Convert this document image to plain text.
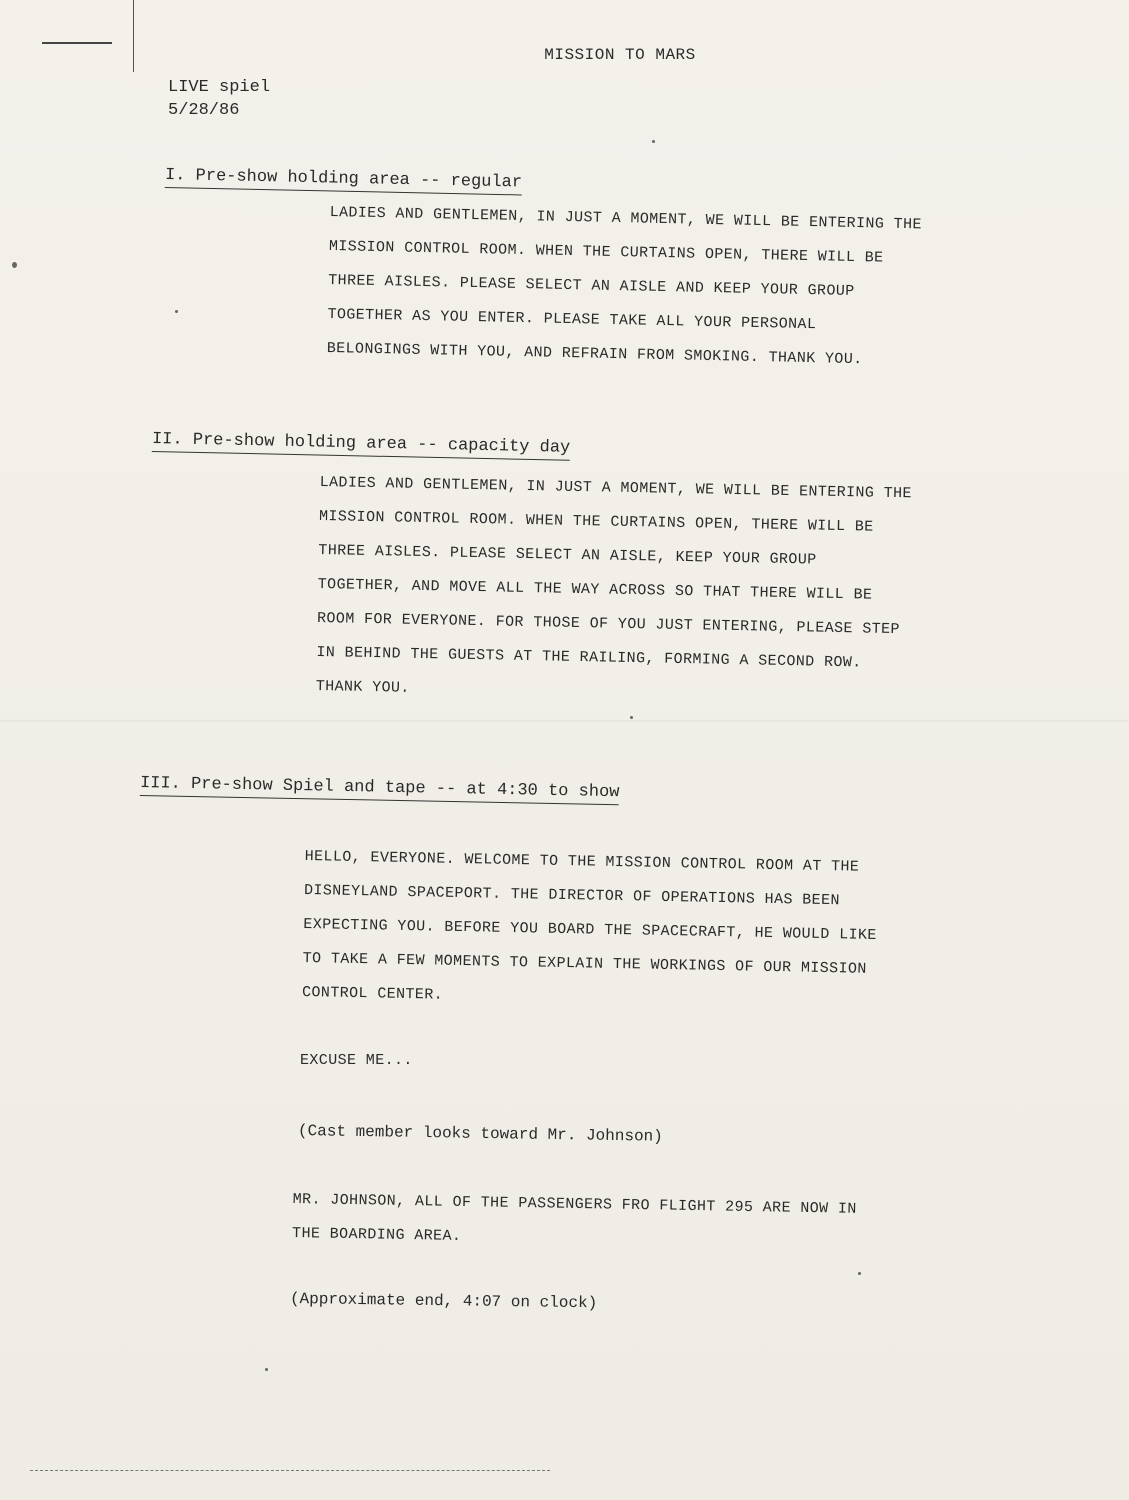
MISSION TO MARS
LIVE spiel
5/28/86
I. Pre-show holding area -- regular
LADIES AND GENTLEMEN, IN JUST A MOMENT, WE WILL BE ENTERING THE
MISSION CONTROL ROOM. WHEN THE CURTAINS OPEN, THERE WILL BE
THREE AISLES. PLEASE SELECT AN AISLE AND KEEP YOUR GROUP
TOGETHER AS YOU ENTER. PLEASE TAKE ALL YOUR PERSONAL
BELONGINGS WITH YOU, AND REFRAIN FROM SMOKING. THANK YOU.
II. Pre-show holding area -- capacity day
LADIES AND GENTLEMEN, IN JUST A MOMENT, WE WILL BE ENTERING THE
MISSION CONTROL ROOM. WHEN THE CURTAINS OPEN, THERE WILL BE
THREE AISLES. PLEASE SELECT AN AISLE, KEEP YOUR GROUP
TOGETHER, AND MOVE ALL THE WAY ACROSS SO THAT THERE WILL BE
ROOM FOR EVERYONE. FOR THOSE OF YOU JUST ENTERING, PLEASE STEP
IN BEHIND THE GUESTS AT THE RAILING, FORMING A SECOND ROW.
THANK YOU.
III. Pre-show Spiel and tape -- at 4:30 to show
HELLO, EVERYONE. WELCOME TO THE MISSION CONTROL ROOM AT THE
DISNEYLAND SPACEPORT. THE DIRECTOR OF OPERATIONS HAS BEEN
EXPECTING YOU. BEFORE YOU BOARD THE SPACECRAFT, HE WOULD LIKE
TO TAKE A FEW MOMENTS TO EXPLAIN THE WORKINGS OF OUR MISSION
CONTROL CENTER.
EXCUSE ME...
(Cast member looks toward Mr. Johnson)
MR. JOHNSON, ALL OF THE PASSENGERS FRO FLIGHT 295 ARE NOW IN
THE BOARDING AREA.
(Approximate end, 4:07 on clock)
